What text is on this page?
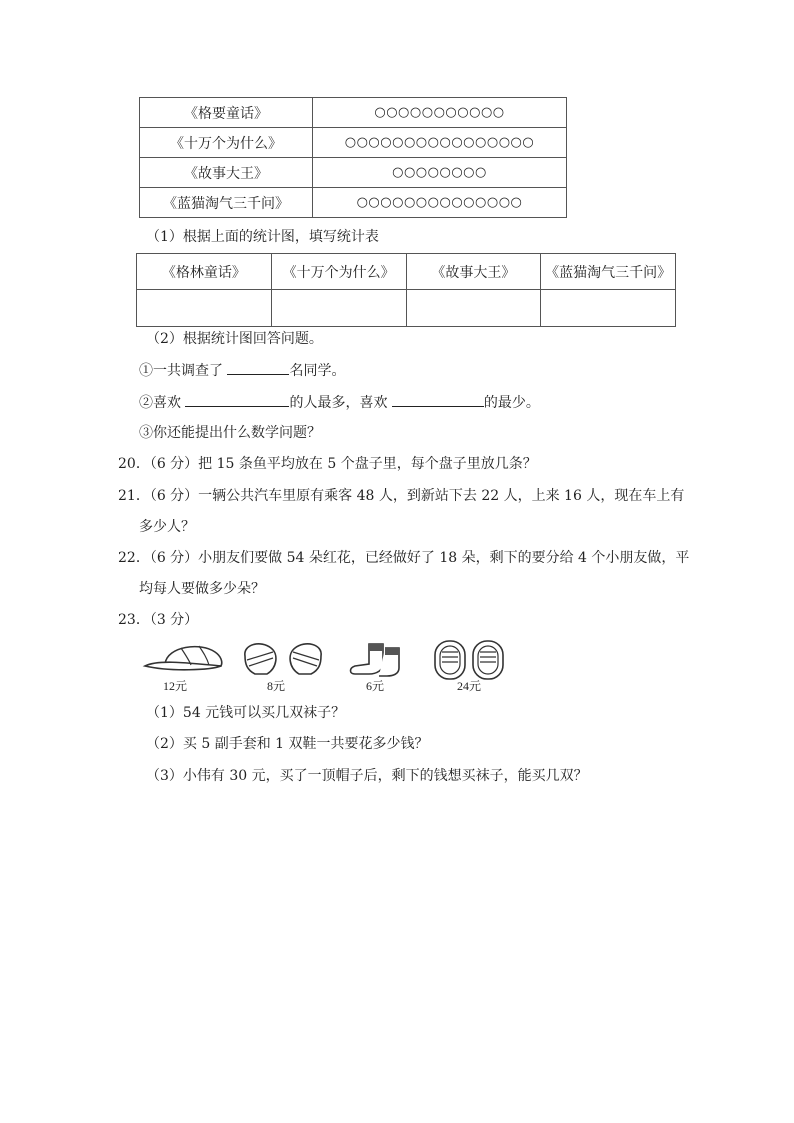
《格要童话》	○○○○○○○○○○○
《十万个为什么》	○○○○○○○○○○○○○○○○
《故事大王》	○○○○○○○○
《蓝猫淘气三千问》	○○○○○○○○○○○○○○
（1）根据上面的统计图，填写统计表
《格林童话》	《十万个为什么》	《故事大王》	《蓝猫淘气三千问》

（2）根据统计图回答问题。
①一共调查了	名同学。
②喜欢	的人最多，喜欢	的最少。
③你还能提出什么数学问题？
20．（6 分）把 15 条鱼平均放在 5 个盘子里，每个盘子里放几条？
21．（6 分）一辆公共汽车里原有乘客 48 人，到新站下去 22 人，上来 16 人，现在车上有
多少人？
22．（6 分）小朋友们要做 54 朵红花，已经做好了 18 朵，剩下的要分给 4 个小朋友做，平
均每人要做多少朵？
23．（3 分）
12元	8元	6元	24元
（1）54 元钱可以买几双袜子？
（2）买 5 副手套和 1 双鞋一共要花多少钱？
（3）小伟有 30 元，买了一顶帽子后，剩下的钱想买袜子，能买几双？
